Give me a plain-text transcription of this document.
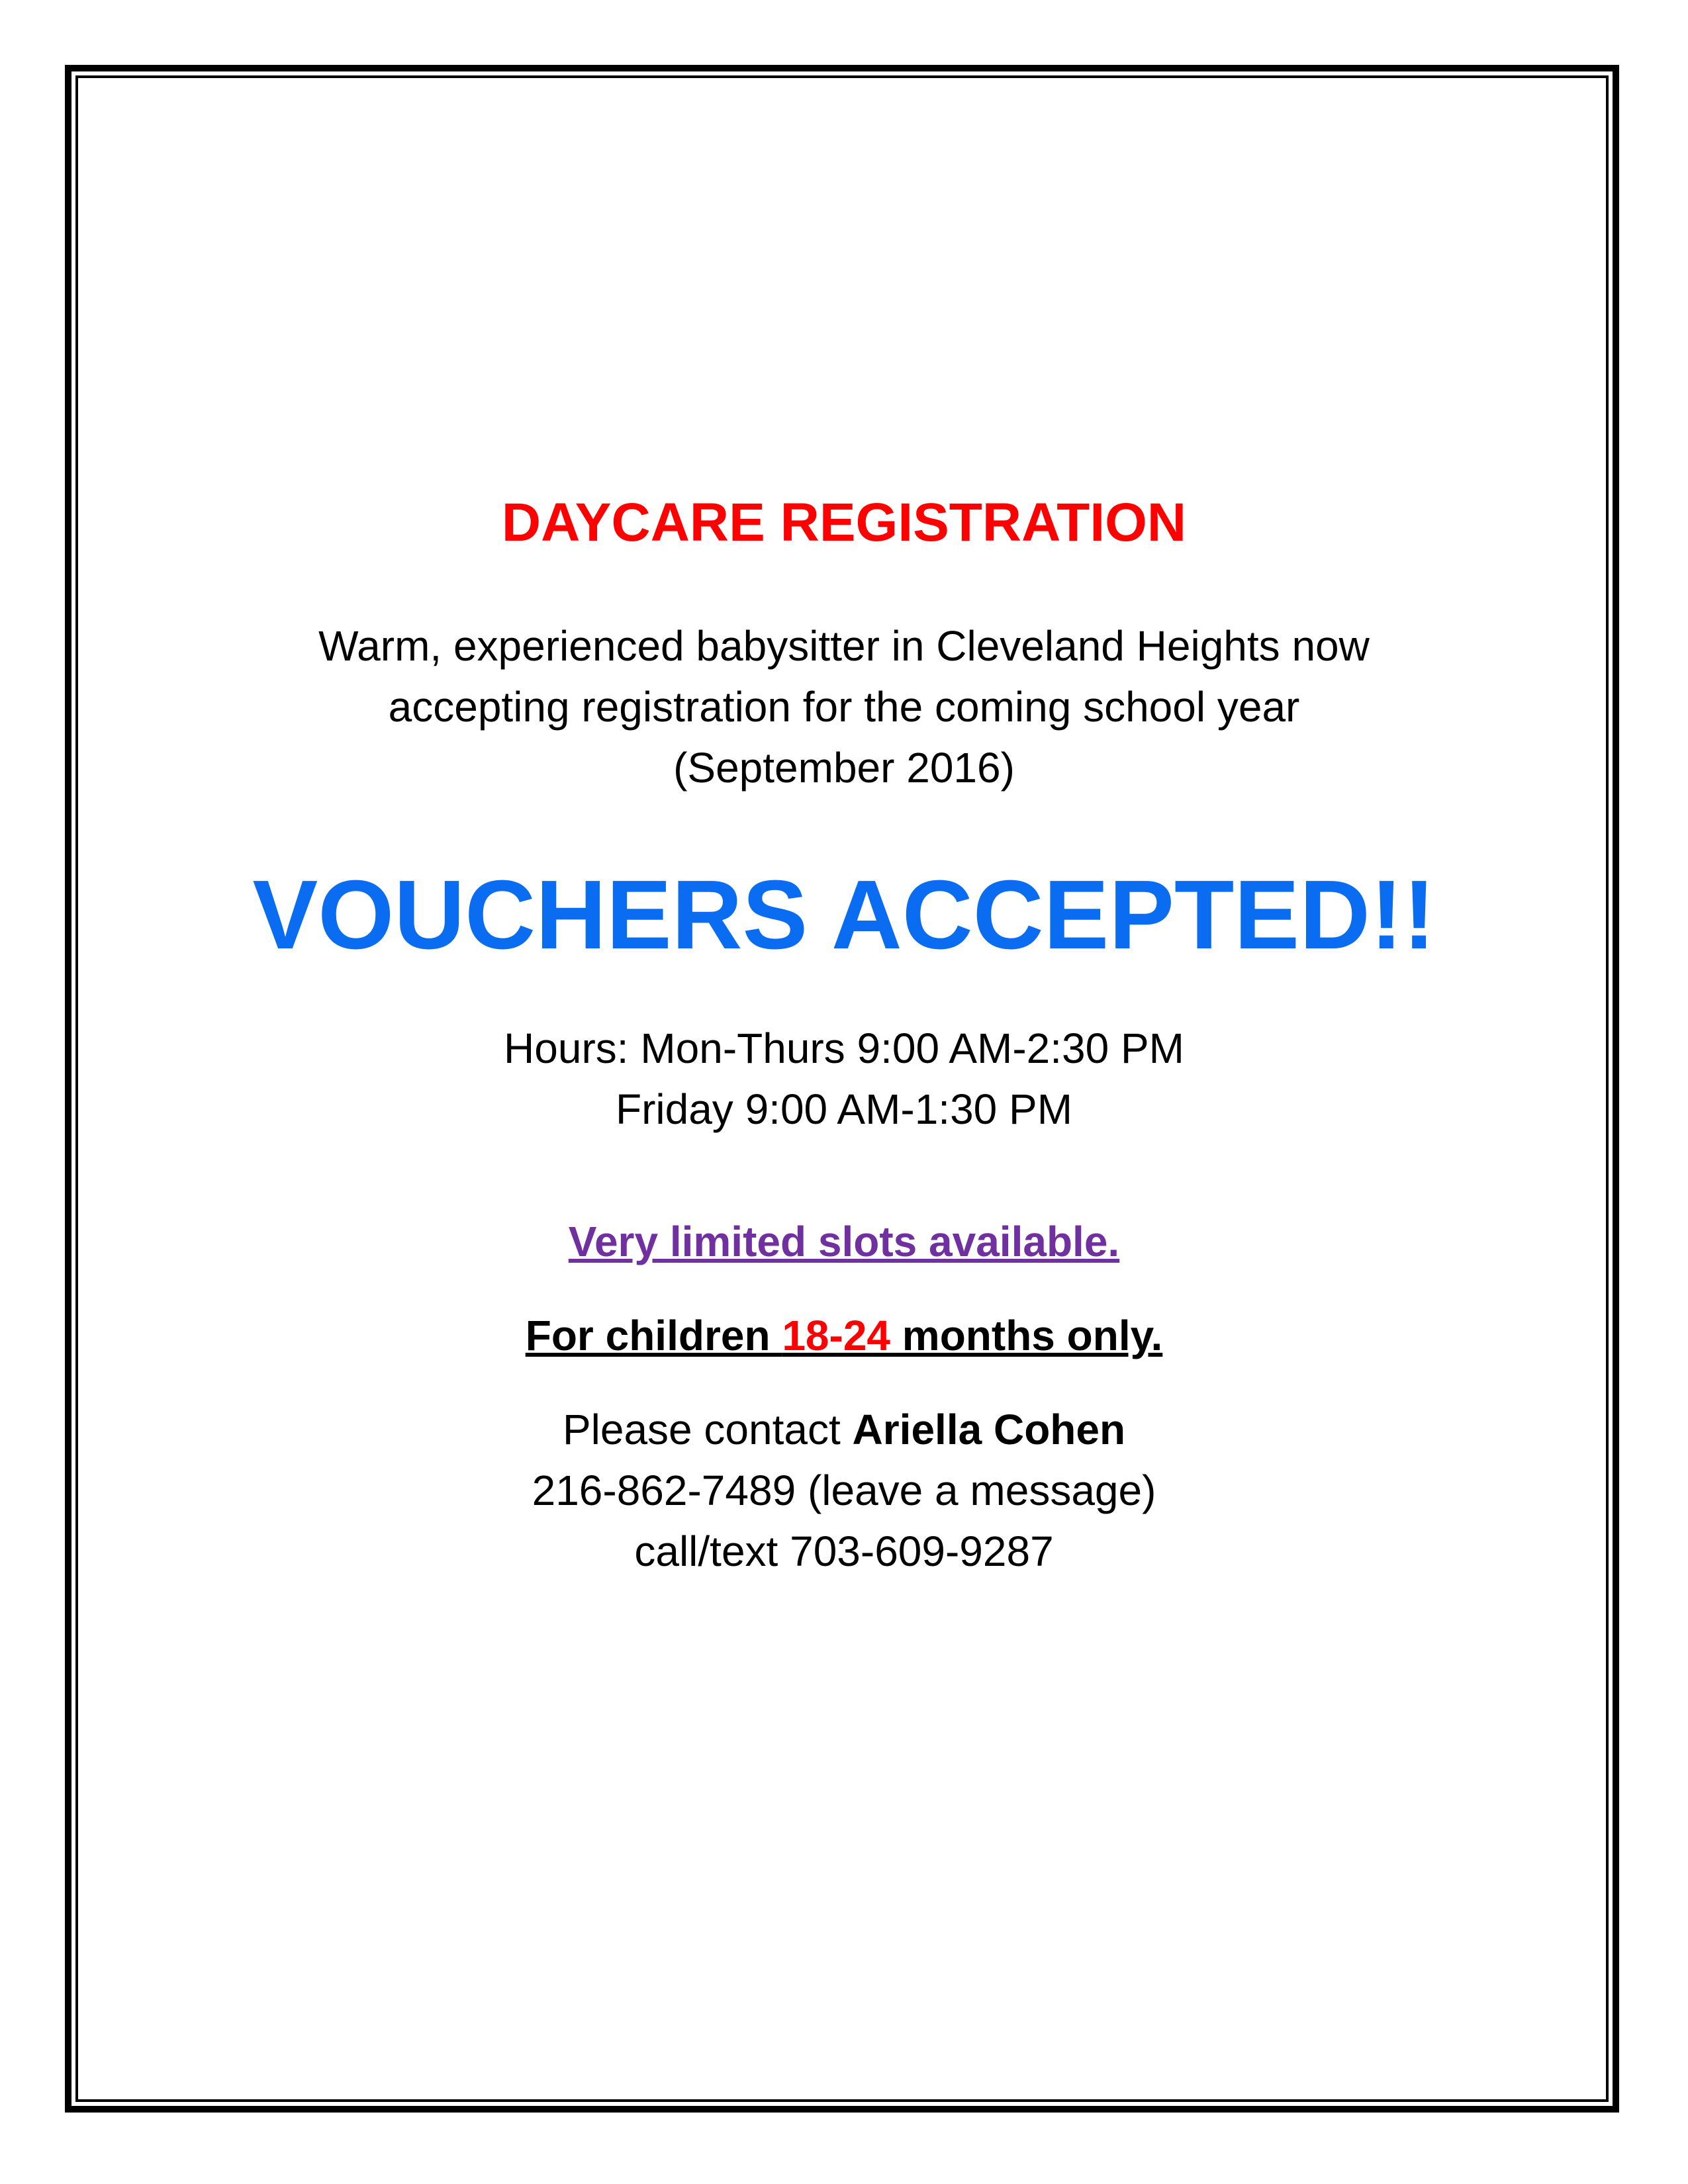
DAYCARE REGISTRATION
Warm, experienced babysitter in Cleveland Heights now
accepting registration for the coming school year
(September 2016)
VOUCHERS ACCEPTED!!
Hours: Mon-Thurs 9:00 AM-2:30 PM
Friday 9:00 AM-1:30 PM
Very limited slots available.
For children 18-24 months only.
Please contact Ariella Cohen
216-862-7489 (leave a message)
call/text 703-609-9287
